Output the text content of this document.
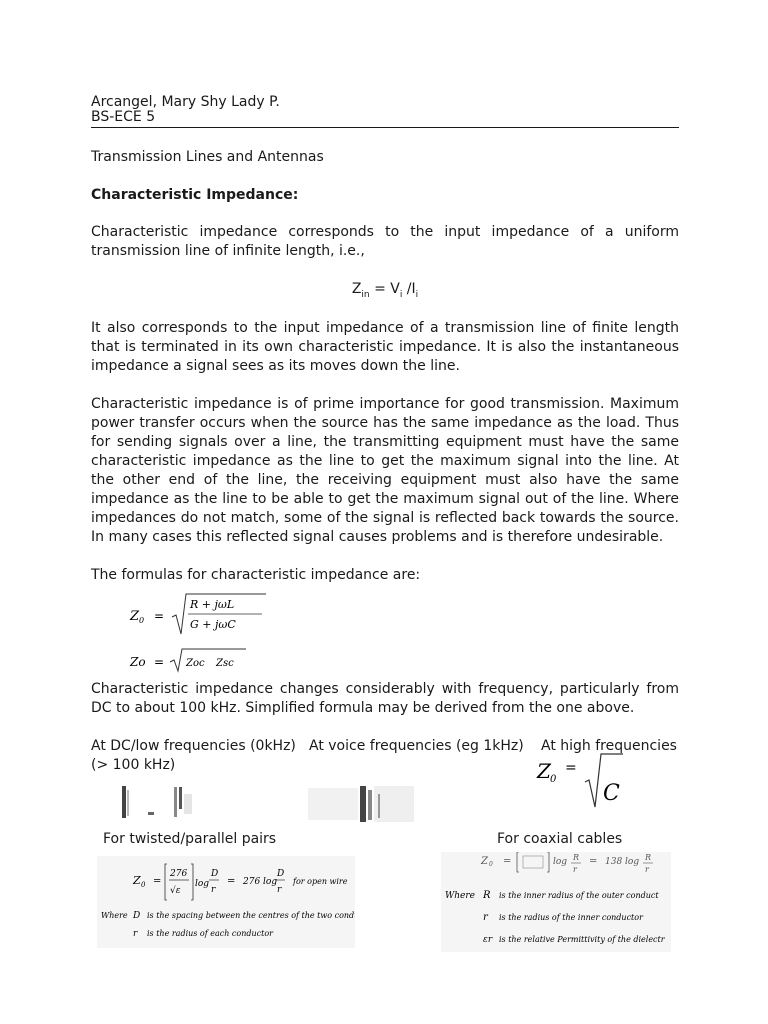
Arcangel, Mary Shy Lady P.
BS-ECE 5
Transmission Lines and Antennas
Characteristic Impedance:
Characteristic impedance corresponds to the input impedance of a uniform transmission line of infinite length, i.e.,
$Z_{in} = V_i$ $/I_i$
It also corresponds to the input impedance of a transmission line of finite length that is terminated in its own characteristic impedance. It is also the instantaneous impedance a signal sees as its moves down the line.
Characteristic impedance is of prime importance for good transmission. Maximum power transfer occurs when the source has the same impedance as the load. Thus for sending signals over a line, the transmitting equipment must have the same characteristic impedance as the line to get the maximum signal into the line. At the other end of the line, the receiving equipment must also have the same impedance as the line to be able to get the maximum signal out of the line. Where impedances do not match, some of the signal is reflected back towards the source. In many cases this reflected signal causes problems and is therefore undesirable.
The formulas for characteristic impedance are:
Z 0 =
R + jωL
G + jωC
Zo = Zoc Zsc
Characteristic impedance changes considerably with frequency, particularly from DC to about 100 kHz. Simplified formula may be derived from the one above.
At DC/low frequencies (0kHz) At voice frequencies (eg 1kHz) At high frequencies
(> 100 kHz)	Z 0
=
C
For twisted/parallel pairs	For coaxial cables
Z 0 =
276
√ε
log
D
r
= 276 log
D
r
for open wire
Where D is the spacing between the centres of the two condu
r is the radius of each conductor
Z 0 =	log R
r
= 138 log R
r
Where R is the inner radius of the outer conduct
r is the radius of the inner conductor
εr is the relative Permittivity of the dielectr
